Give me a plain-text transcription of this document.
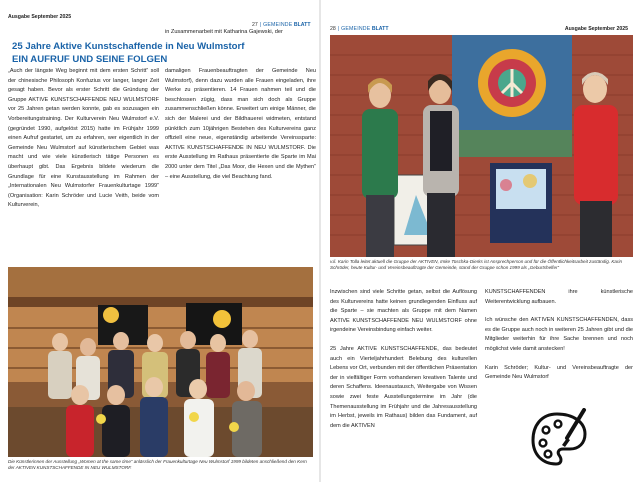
Ausgabe September 2025
27 | GEMEINDE BLATT
in Zusammenarbeit mit Katharina Gajewski, der
25 Jahre Aktive Kunstschaffende in Neu Wulmstorf
EIN AUFRUF UND SEINE FOLGEN

„Auch der längste Weg beginnt mit dem ersten Schritt“ soll der chinesische Philosoph Konfuzius vor langer, langer Zeit gesagt haben. Bevor als erster Schritt die Gründung der Gruppe AKTIVE KUNSTSCHAFFENDE NEU WULMSTORF vor 25 Jahren getan werden konnte, gab es sozusagen ein Vorbereitungstraining. Der Kulturverein Neu Wulmstorf e.V. (gegründet 1990, aufgelöst 2015) hatte im Frühjahr 1999 einen Aufruf gestartet, um zu erfahren, wer eigentlich in der Gemeinde Neu Wulmstorf auf künstlerischem Gebiet was macht und wie viele künstlerisch tätige Personen es überhaupt gibt. Das Ergebnis bildete wiederum die Grundlage für eine Kunstausstellung im Rahmen der „Internationalen Neu Wulmstorfer Frauenkulturtage 1999“ (Organisation: Karin Schröder und Lucie Veith, beide vom Kulturverein,

damaligen Frauenbeauftragten der Gemeinde Neu Wulmstorf), denn dazu wurden alle Frauen eingeladen, ihre Werke zu präsentieren. 14 Frauen nahmen teil und die beschlossen zügig, dass man sich doch als Gruppe zusammenschließen könne. Erweitert um einige Männer, die sich der Malerei und der Bildhauerei widmeten, entstand pünktlich zum 10jährigen Bestehen des Kulturvereins ganz offiziell eine neue, eigenständig arbeitende Vereinssparte: AKTIVE KUNSTSCHAFFENDE IN NEU WULMSTORF. Die erste Ausstellung im Rathaus präsentierte die Sparte im Mai 2000 unter dem Titel „Das Moor, die Hexen und die Mythen“ – eine Ausstellung, die viel Beachtung fand.

Die Künstlerinnen der Ausstellung „Women at the same time“ anlässlich der Frauenkulturtage Neu Wulmstorf 1999 bildeten anschließend den Kern der AKTIVEN KUNSTSCHAFFENDE IN NEU WULMSTORF.
28 | GEMEINDE BLATT	Ausgabe September 2025
v.li. Karin Tolla leitet aktuell die Gruppe der AKTIVEN, Imke Toschka-Dierks ist Ansprechperson und für die Öffentlichkeitsarbeit zuständig. Karin Schröder, heute Kultur- und Vereinsbeauftragte der Gemeinde, stand der Gruppe schon 1999 als „Geburtshelfer“

Inzwischen sind viele Schritte getan, selbst die Auflösung des Kulturvereins hatte keinen grundlegenden Einfluss auf die Sparte – sie machten als Gruppe mit dem Namen AKTIVE KUNSTSCHAFFENDE NEU WULMSTORF ohne irgendeine Vereinsbindung einfach weiter.

25 Jahre AKTIVE KUNSTSCHAFFENDE, das bedeutet auch ein Vierteljahrhundert Belebung des kulturellen Lebens vor Ort, verbunden mit der öffentlichen Präsentation der in vielfältiger Form vorhandenen kreativen Talente und deren Schaffens. Ideenaustausch, Weitergabe von Wissen sowie zwei feste Ausstellungstermine im Jahr (die Themenausstellung im Frühjahr und die Jahresausstellung im Herbst, jeweils im Rathaus) bilden das Fundament, auf dem die AKTIVEN

KUNSTSCHAFFENDEN ihre künstlerische Weiterentwicklung aufbauen.

Ich wünsche den AKTIVEN KUNSTSCHAFFENDEN, dass es die Gruppe auch noch in weiteren 25 Jahren gibt und die Mitglieder weiterhin für ihre Sache brennen und noch möglichst viele damit anstecken!

Karin Schröder; Kultur- und Vereinsbeauftragte der Gemeinde Neu Wulmstorf
